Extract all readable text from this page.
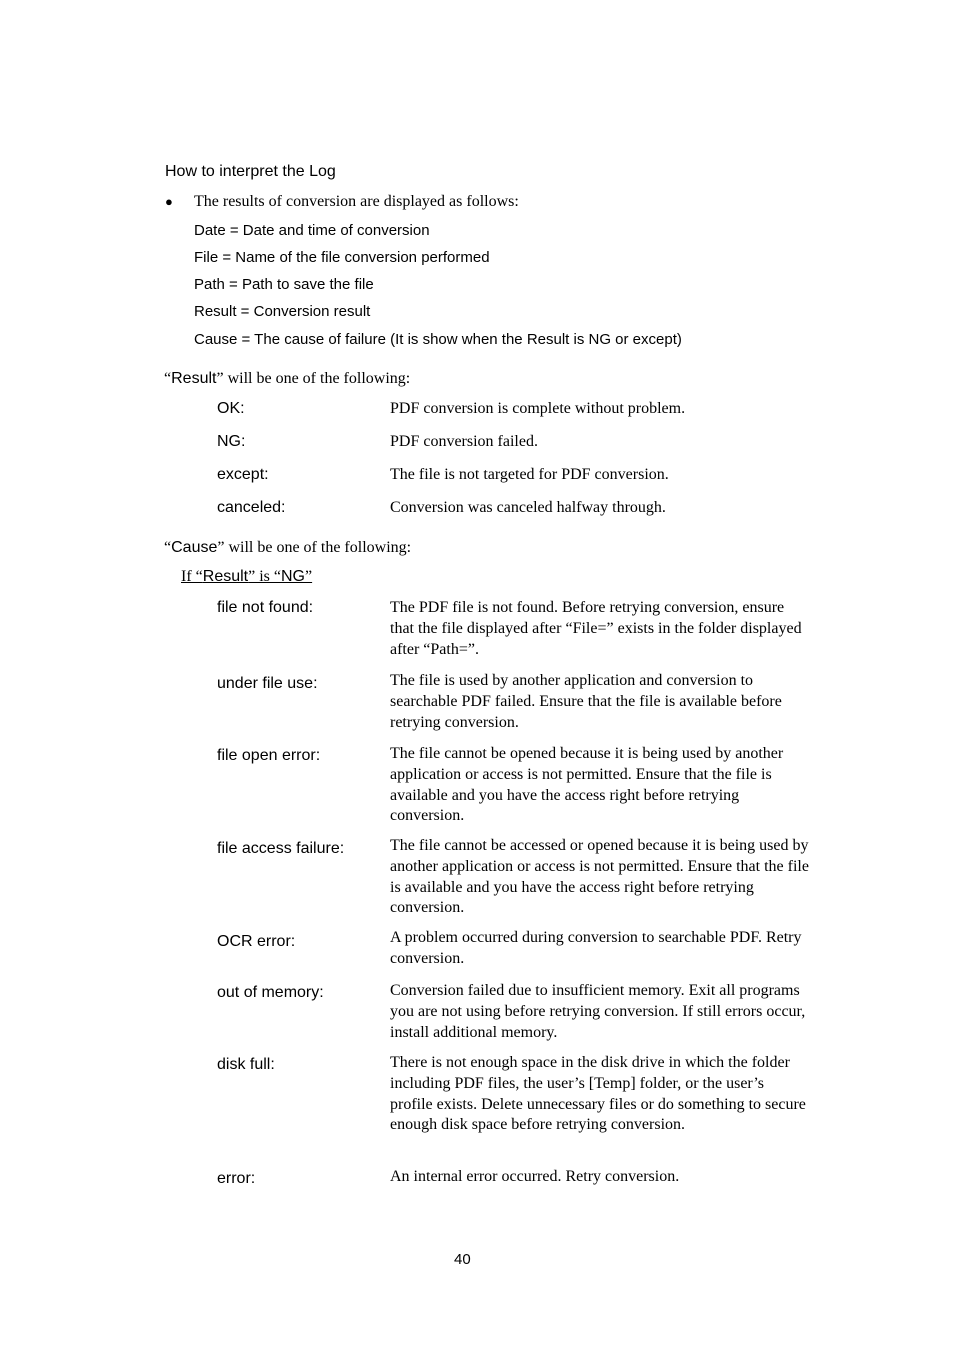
How to interpret the Log
● The results of conversion are displayed as follows:
Date = Date and time of conversion
File = Name of the file conversion performed
Path = Path to save the file
Result = Conversion result
Cause = The cause of failure (It is show when the Result is NG or except)
“Result” will be one of the following:
OK:	PDF conversion is complete without problem.
NG:	PDF conversion failed.
except:	The file is not targeted for PDF conversion.
canceled:	Conversion was canceled halfway through.
“Cause” will be one of the following:
If “Result” is “NG”
file not found:	The PDF file is not found. Before retrying conversion, ensure that the file displayed after “File=” exists in the folder displayed after “Path=”.
under file use:	The file is used by another application and conversion to searchable PDF failed. Ensure that the file is available before retrying conversion.
file open error:	The file cannot be opened because it is being used by another application or access is not permitted. Ensure that the file is available and you have the access right before retrying conversion.
file access failure:	The file cannot be accessed or opened because it is being used by another application or access is not permitted. Ensure that the file is available and you have the access right before retrying conversion.
OCR error:	A problem occurred during conversion to searchable PDF. Retry conversion.
out of memory:	Conversion failed due to insufficient memory. Exit all programs you are not using before retrying conversion. If still errors occur, install additional memory.
disk full:	There is not enough space in the disk drive in which the folder including PDF files, the user’s [Temp] folder, or the user’s profile exists. Delete unnecessary files or do something to secure enough disk space before retrying conversion.
error:	An internal error occurred. Retry conversion.
40
